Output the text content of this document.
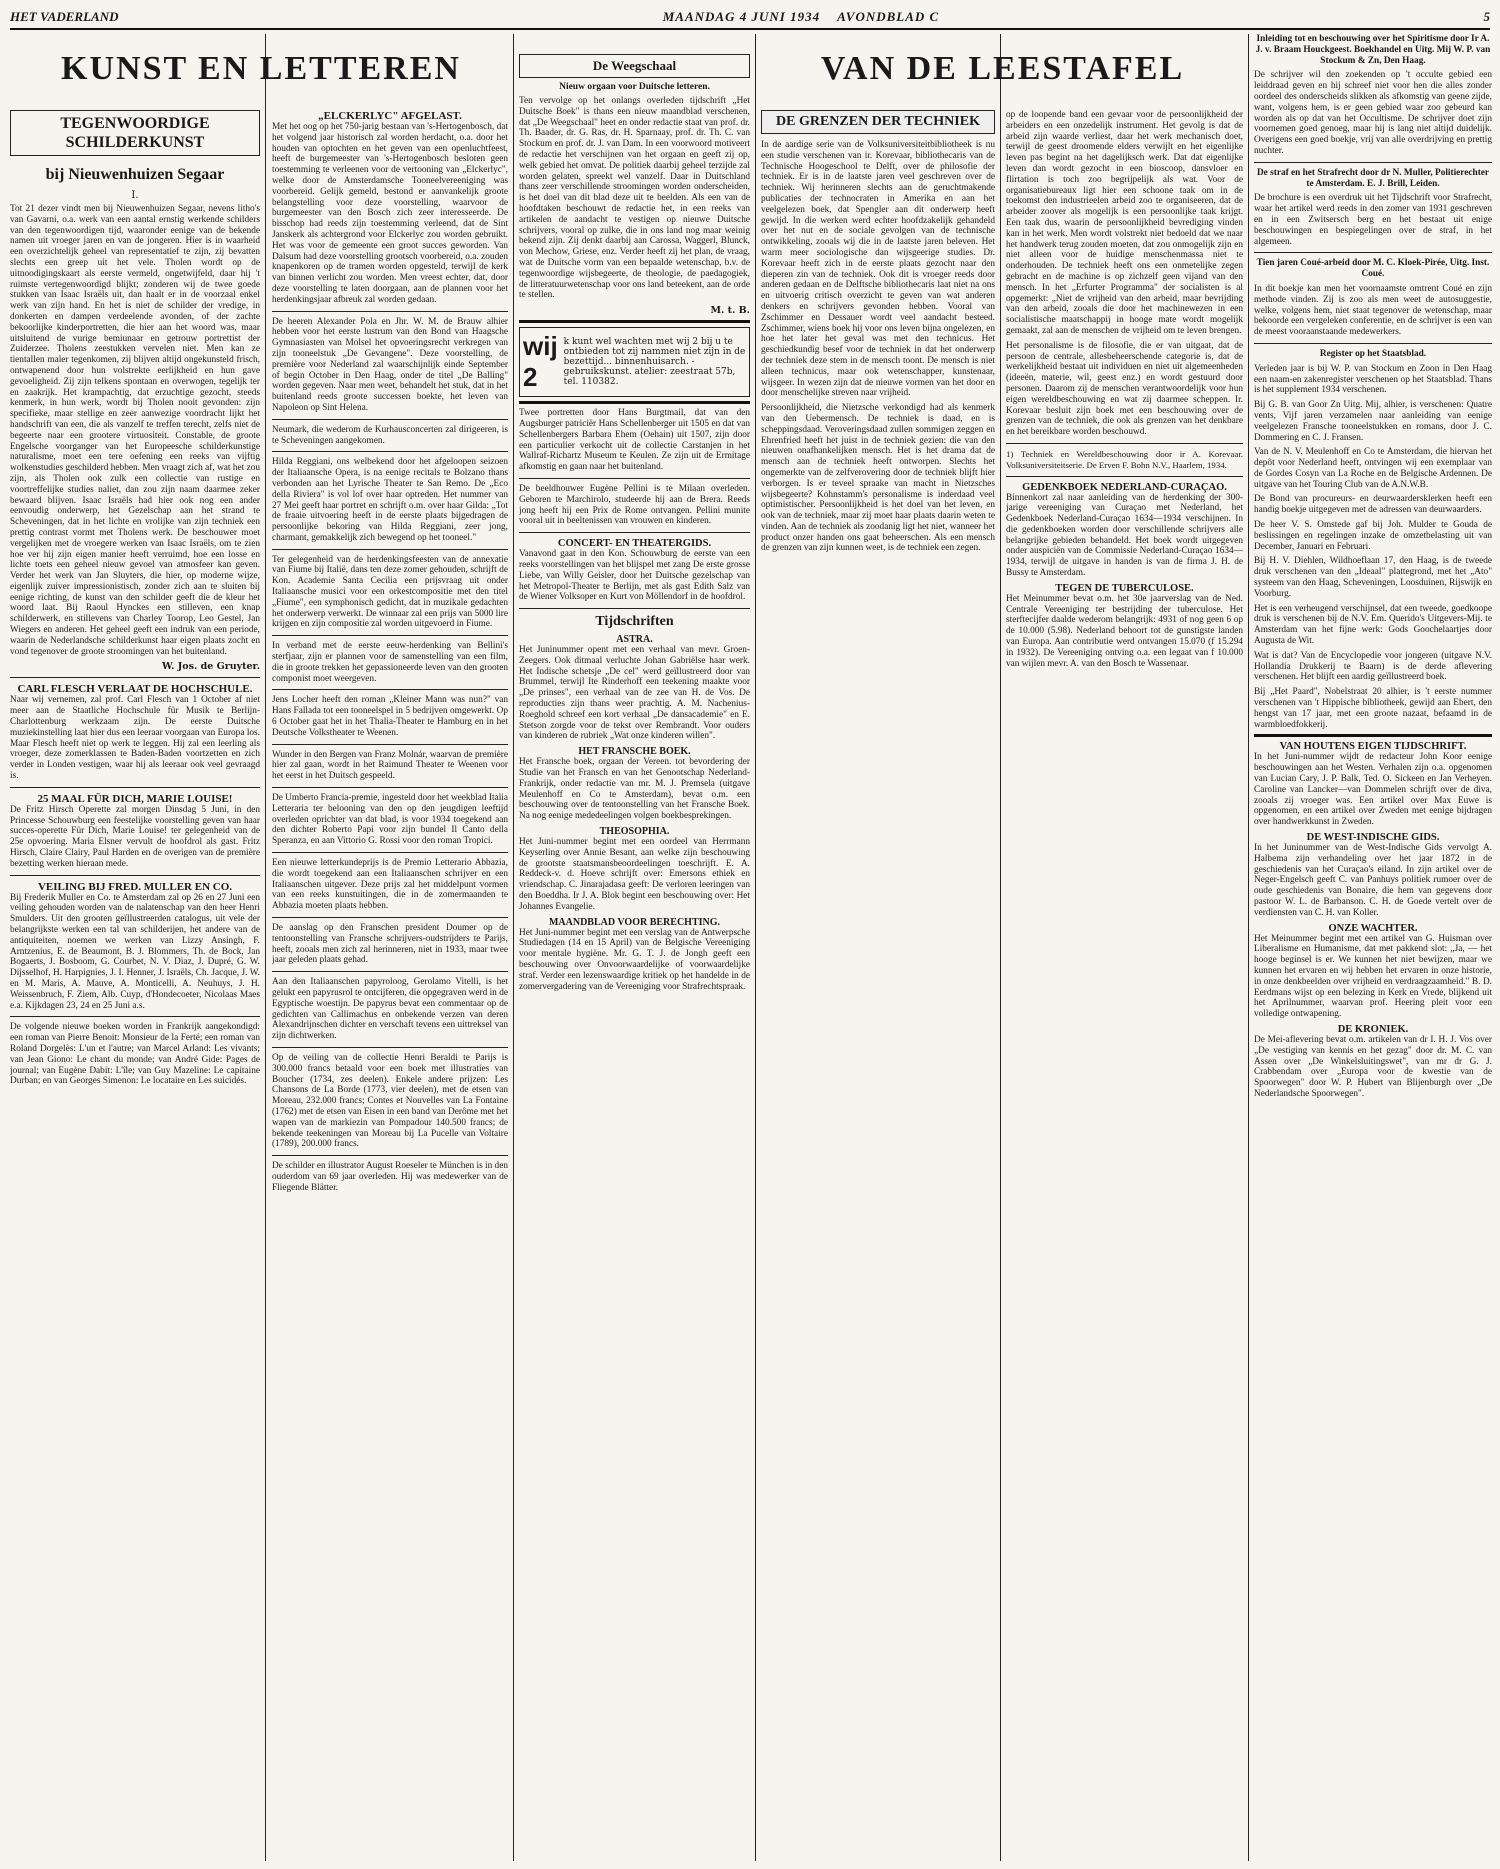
HET VADERLAND	MAANDAG 4 JUNI 1934 AVONDBLAD C	5
KUNST EN LETTEREN
TEGENWOORDIGE SCHILDERKUNST
bij Nieuwenhuizen Segaar
I.

Tot 21 dezer vindt men bij Nieuwenhuizen Segaar, nevens litho's van Gavarni, o.a. werk van een aantal ernstig werkende schilders van den tegenwoordigen tijd, waaronder eenige van de bekende namen uit vroeger jaren en van de jongeren. Hier is in waarheid een overzichtelijk geheel van representatief te zijn, zij bevatten slechts een greep uit het vele. Tholen wordt op de uitnoodigingskaart als eerste vermeld, ongetwijfeld, daar hij 't ruimste vertegenwoordigd blijkt; zonderen wij de twee goede stukken van Isaac Israëls uit, dan haalt er in de voorzaal enkel werk van zijn hand. En het is niet de schilder der vredige, in donkerten en dampen verdeelende avonden, of der zachte bekoorlijke kinderportretten, die hier aan het woord was, maar uitsluitend de vurige bemiunaar en getrouw portrettist der Zuiderzee. Tholens zeestukken vervelen niet. Men kan ze tientallen maler tegenkomen, zij blijven altijd ongekunsteld frisch, ontwapenend door hun volstrekte eerlijkheid en hun gave gevoeligheid. Zij zijn telkens spontaan en overwogen, tegelijk ter en zaakrijk. Het krampachtig, dat erzuchtige gezocht, steeds kenmerk, in hun werk, wordt bij Tholen nooit gevonden: zijn specifieke, maar stellige en zeer aanwezige voordracht lijkt het handschrift van een, die als vanzelf te treffen terecht, zelfs niet de begeerte naar een grootere virtuositeit. Constable, de groote Engelsche voorganger van het Europeesche schilderkunstige naturalisme, moet een tere oefening een reeks van vijftig wolkenstudies geschilderd hebben. Men vraagt zich af, wat het zou zijn, als Tholen ook zulk een collectie van rustige en voortreffelijke studies naliet, dan zou zijn naam daarmee zeker bewaard blijven. Isaac Israëls had hier ook nog een ander eenvoudig onderwerp, het Gezelschap aan het strand te Scheveningen, dat in het lichte en vrolijke van zijn techniek een prettig contrast vormt met Tholens werk. De beschouwer moet vergelijken met de vroegere werken van Isaac Israëls, om te zien hoe ver hij zijn eigen manier heeft verruimd, hoe een losse en lichte toets een geheel nieuw gevoel van atmosfeer kan geven. Verder het werk van Jan Sluyters, die hier, op moderne wijze, eigenlijk zuiver impressionistisch, zonder zich aan te sluiten bij eenige richting, de kunst van den schilder geeft die de kleur het woord laat. Bij Raoul Hynckes een stilleven, een knap schilderwerk, en stillevens van Charley Toorop, Leo Gestel, Jan Wiegers en anderen. Het geheel geeft een indruk van een periode, waarin de Nederlandsche schilderkunst haar eigen plaats zocht en vond tegenover de groote stroomingen van het buitenland.

W. Jos. de Gruyter.
CARL FLESCH VERLAAT DE HOCHSCHULE.

Naar wij vernemen, zal prof. Carl Flesch van 1 October af niet meer aan de Staatliche Hochschule für Musik te Berlijn-Charlottenburg werkzaam zijn. De eerste Duitsche muziekinstelling laat hier dus een leeraar voorgaan van Europa los. Maar Flesch heeft niet op werk te leggen. Hij zal een leerling als vroeger, deze zomerklassen te Baden-Baden voortzetten en zich verder in Londen vestigen, waar hij als leeraar ook veel gevraagd is.

25 MAAL FÜR DICH, MARIE LOUISE!

De Fritz Hirsch Operette zal morgen Dinsdag 5 Juni, in den Princesse Schouwburg een feestelijke voorstelling geven van haar succes-operette Für Dich, Marie Louise! ter gelegenheid van de 25e opvoering. Maria Elsner vervult de hoofdrol als gast. Fritz Hirsch, Claire Clairy, Paul Harden en de overigen van de première bezetting werken hieraan mede.

VEILING BIJ FRED. MULLER EN CO.

Bij Frederik Muller en Co. te Amsterdam zal op 26 en 27 Juni een veiling gehouden worden van de nalatenschap van den heer Henri Smulders. Uit den grooten geïllustreerden catalogus, uit vele der belangrijkste werken een tal van schilderijen, het andere van de antiquiteiten, noemen we werken van Lizzy Ansingh, F. Arntzenius, E. de Beaumont, B. J. Blommers, Th. de Bock, Jan Bogaerts, J. Bosboom, G. Courbet, N. V. Diaz, J. Dupré, G. W. Dijsselhof, H. Harpignies, J. I. Henner, J. Israëls, Ch. Jacque, J. W. en M. Maris, A. Mauve, A. Monticelli, A. Neuhuys, J. H. Weissenbruch, F. Ziem, Alb. Cuyp, d'Hondecoeter, Nicolaas Maes e.a. Kijkdagen 23, 24 en 25 Juni a.s.

De volgende nieuwe boeken worden in Frankrijk aangekondigd: een roman van Pierre Benoit: Monsieur de la Ferté; een roman van Roland Dorgelès: L'un et l'autre; van Marcel Arland: Les vivants; van Jean Giono: Le chant du monde; van André Gide: Pages de journal; van Eugène Dabit: L'île; van Guy Mazeline: Le capitaine Durban; en van Georges Simenon: Le locataire en Les suicidés.

„ELCKERLYC" AFGELAST.

Met het oog op het 750-jarig bestaan van 's-Hertogenbosch, dat het volgend jaar historisch zal worden herdacht, o.a. door het houden van optochten en het geven van een openluchtfeest, heeft de burgemeester van 's-Hertogenbosch besloten geen toestemming te verleenen voor de vertooning van „Elckerlyc", welke door de Amsterdamsche Tooneelvereeniging was voorbereid. Gelijk gemeld, bestond er aanvankelijk groote belangstelling voor deze voorstelling, waarvoor de burgemeester van den Bosch zich zeer interesseerde. De bisschop had reeds zijn toestemming verleend, dat de Sint Janskerk als achtergrond voor Elckerlyc zou worden gebruikt. Het was voor de gemeente een groot succes geworden. Van Dalsum had deze voorstelling grootsch voorbereid, o.a. zouden knapenkoren op de tramen worden opgesteld, terwijl de kerk van binnen verlicht zou worden. Men vreest echter, dat, door deze voorstelling te laten doorgaan, aan de plannen voor het herdenkingsjaar afbreuk zal worden gedaan.

De heeren Alexander Pola en Jhr. W. M. de Brauw alhier hebben voor het eerste lustrum van den Bond van Haagsche Gymnasiasten van Molsel het opvoeringsrecht verkregen van zijn tooneelstuk „De Gevangene". Deze voorstelling, de première voor Nederland zal waarschijnlijk einde September of begin October in Den Haag, onder de titel „De Balling" worden gegeven. Naar men weet, behandelt het stuk, dat in het buitenland reeds groote successen boekte, het leven van Napoleon op Sint Helena.

Neumark, die wederom de Kurhausconcerten zal dirigeeren, is te Scheveningen aangekomen.

Hilda Reggiani, ons welbekend door het afgeloopen seizoen der Italiaansche Opera, is na eenige recitals te Bolzano thans verbonden aan het Lyrische Theater te San Remo. De „Eco della Riviera" is vol lof over haar optreden. Het nummer van 27 Mei geeft haar portret en schrijft o.m. over haar Gilda: „Tot de fraaie uitvoering heeft in de eerste plaats bijgedragen de persoonlijke bekoring van Hilda Reggiani, zeer jong, charmant, gemakkelijk zich bewegend op het tooneel."

Ter gelegenheid van de herdenkingsfeesten van de annexatie van Fiume bij Italië, dans ten deze zomer gehouden, schrijft de Kon. Academie Santa Cecilia een prijsvraag uit onder Italiaansche musici voor een orkestcompositie met den titel „Fiume", een symphonisch gedicht, dat in muzikale gedachten het onderwerp verwerkt. De winnaar zal een prijs van 5000 lire krijgen en zijn compositie zal worden uitgevoerd in Fiume.

In verband met de eerste eeuw-herdenking van Bellini's sterfjaar, zijn er plannen voor de samenstelling van een film, die in groote trekken het gepassioneerde leven van den grooten componist moet weergeven.

Jens Locher heeft den roman „Kleiner Mann was nun?" van Hans Fallada tot een tooneelspel in 5 bedrijven omgewerkt. Op 6 October gaat het in het Thalia-Theater te Hamburg en in het Deutsche Volkstheater te Weenen.

Wunder in den Bergen van Franz Molnár, waarvan de première hier zal gaan, wordt in het Raimund Theater te Weenen voor het eerst in het Duitsch gespeeld.

De Umberto Francia-premie, ingesteld door het weekblad Italia Letteraria ter belooning van den op den jeugdigen leeftijd overleden oprichter van dat blad, is voor 1934 toegekend aan den dichter Roberto Papi voor zijn bundel Il Canto della Speranza, en aan Vittorio G. Rossi voor den roman Tropici.

Een nieuwe letterkundeprijs is de Premio Letterario Abbazia, die wordt toegekend aan een Italiaanschen schrijver en een Italiaanschen uitgever. Deze prijs zal het middelpunt vormen van een reeks kunstuitingen, die in de zomermaanden te Abbazia moeten plaats hebben.

De aanslag op den Franschen president Doumer op de tentoonstelling van Fransche schrijvers-oudstrijders te Parijs, heeft, zooals men zich zal herinneren, niet in 1933, maar twee jaar geleden plaats gehad.

Aan den Italiaanschen papyroloog, Gerolamo Vitelli, is het gelukt een papyrusrol te ontcijferen, die opgegraven werd in de Egyptische woestijn. De papyrus bevat een commentaar op de gedichten van Callimachus en onbekende verzen van deren Alexandrijnschen dichter en verschaft tevens een uittreksel van zijn dichtwerken.

Op de veiling van de collectie Henri Beraldi te Parijs is 300.000 francs betaald voor een boek met illustraties van Boucher (1734, zes deelen). Enkele andere prijzen: Les Chansons de La Borde (1773, vier deelen), met de etsen van Moreau, 232.000 francs; Contes et Nouvelles van La Fontaine (1762) met de etsen van Eisen in een band van Derôme met het wapen van de markiezin van Pompadour 140.500 francs; de bekende teekeningen van Moreau bij La Pucelle van Voltaire (1789), 200.000 francs.

De schilder en illustrator August Roeseler te München is in den ouderdom van 69 jaar overleden. Hij was medewerker van de Fliegende Blätter.

De Weegschaal
Nieuw orgaan voor Duitsche letteren.

Ten vervolge op het onlangs overleden tijdschrift „Het Duitsche Boek" is thans een nieuw maandblad verschenen, dat „De Weegschaal" heet en onder redactie staat van prof. dr. Th. Baader, dr. G. Ras, dr. H. Sparnaay, prof. dr. Th. C. van Stockum en prof. dr. J. van Dam. In een voorwoord motiveert de redactie het verschijnen van het orgaan en geeft zij op, welk gebied het omvat. De politiek daarbij geheel terzijde zal worden gelaten, spreekt wel vanzelf. Daar in Duitschland thans zeer verschillende stroomingen worden onderscheiden, is het doel van dit blad deze uit te beelden. Als een van de hoofdtaken beschouwt de redactie het, in een reeks van artikelen de aandacht te vestigen op nieuwe Duitsche schrijvers, vooral op zulke, die in ons land nog maar weinig bekend zijn. Zij denkt daarbij aan Carossa, Waggerl, Blunck, von Mechow, Griese, enz. Verder heeft zij het plan, de vraag, wat de Duitsche vorm van een bepaalde wetenschap, b.v. de tegenwoordige wijsbegeerte, de theologie, de paedagogiek, de litteratuurwetenschap voor ons land beteekent, aan de orde te stellen.

M. t. B.
wij 2
k kunt wel wachten met wij 2 bij u te ontbieden tot zij nammen niet zijn in de bezettijd... binnenhuisarch. - gebruikskunst. atelier: zeestraat 57b, tel. 110382.

Twee portretten door Hans Burgtmail, dat van den Augsburger patriciër Hans Schellenberger uit 1505 en dat van Schellenbergers Barbara Ehem (Oehain) uit 1507, zijn door een particulier verkocht uit de collectie Carstanjen in het Wallraf-Richartz Museum te Keulen. Ze zijn uit de Ermitage afkomstig en gaan naar het buitenland.

De beeldhouwer Eugène Pellini is te Milaan overleden. Geboren te Marchirolo, studeerde hij aan de Brera. Reeds jong heeft hij een Prix de Rome ontvangen. Pellini munite vooral uit in beeltenissen van vrouwen en kinderen.

CONCERT- EN THEATERGIDS.

Vanavond gaat in den Kon. Schouwburg de eerste van een reeks voorstellingen van het blijspel met zang De erste grosse Liebe, van Willy Geisler, door het Duitsche gezelschap van het Metropol-Theater te Berlijn, met als gast Edith Salz van de Wiener Volksoper en Kurt von Möllendorf in de hoofdrol.

Tijdschriften
ASTRA.

Het Juninummer opent met een verhaal van mevr. Groen-Zeegers. Ook ditmaal verluchte Johan Gabriëlse haar werk. Het Indische schetsje „De cel" werd geïllustreerd door van Brummel, terwijl Ite Rinderhoff een teekening maakte voor „De prinses", een verhaal van de zee van H. de Vos. De reproducties zijn thans weer prachtig. A. M. Nachenius-Roeghold schreef een kort verhaal „De dansacademie" en E. Stetson zorgde voor de tekst over Rembrandt. Voor ouders van kinderen de rubriek „Wat onze kinderen willen".

HET FRANSCHE BOEK.

Het Fransche boek, orgaan der Vereen. tot bevordering der Studie van het Fransch en van het Genootschap Nederland-Frankrijk, onder redactie van mr. M. J. Premsela (uitgave Meulenhoff en Co te Amsterdam), bevat o.m. een beschouwing over de tentoonstelling van het Fransche Boek. Na nog eenige mededeelingen volgen boekbesprekingen.

THEOSOPHIA.

Het Juni-nummer begint met een oordeel van Herrmann Keyserling over Annie Besant, aan welke zijn beschouwing de grootste staatsmansbeoordeelingen toeschrijft. E. A. Reddeck-v. d. Hoeve schrijft over: Emersons ethiek en vriendschap. C. Jinarajadasa geeft: De verloren leeringen van den Boeddha. Ir J. A. Blok begint een beschouwing over: Het Johannes Evangelie.

MAANDBLAD VOOR BERECHTING.

Het Juni-nummer begint met een verslag van de Antwerpsche Studiedagen (14 en 15 April) van de Belgische Vereeniging voor mentale hygiëne. Mr. G. T. J. de Jongh geeft een beschouwing over Onvoorwaardelijke of voorwaardelijke straf. Verder een lezenswaardige kritiek op het handelde in de zomervergadering van de Vereeniging voor Strafrechtspraak.

VAN DE LEESTAFEL
DE GRENZEN DER TECHNIEK

In de aardige serie van de Volksuniversiteitbibliotheek is nu een studie verschenen van ir. Korevaar, bibliothecaris van de Technische Hoogeschool te Delft, over de philosofie der techniek. Er is in de laatste jaren veel geschreven over de techniek. Wij herinneren slechts aan de geruchtmakende publicaties der technocraten in Amerika en aan het veelgelezen boek, dat Spengler aan dit onderwerp heeft gewijd. In die werken werd echter hoofdzakelijk gehandeld over het nut en de sociale gevolgen van de technische ontwikkeling, zooals wij die in de laatste jaren beleven. Het warm meer sociologische dan wijsgeerige studies. Dr. Korevaar heeft zich in de eerste plaats gezocht naar den dieperen zin van de techniek. Ook dit is vroeger reeds door anderen gedaan en de Delftsche bibliothecaris laat niet na ons en uitvoerig critisch overzicht te geven van wat anderen denkers en schrijvers gevonden hebben. Vooral van Zschimmer en Dessauer wordt veel aandacht besteed. Zschimmer, wiens boek hij voor ons leven bijna ongelezen, en hoe het later het geval was met den technicus. Het geschiedkundig besef voor de techniek in dat het onderwerp der techniek deze stem in de mensch toont. De mensch is niet alleen technicus, maar ook wetenschapper, kunstenaar, wijsgeer. In wezen zijn dat de nieuwe vormen van het door en door menschelijke streven naar vrijheid.

Persoonlijkheid, die Nietzsche verkondigd had als kenmerk van den Uebermensch. De techniek is daad, en is scheppingsdaad. Veroveringsdaad zullen sommigen zeggen en Ehrenfried heeft het juist in de techniek gezien: die van den nieuwen onafhankelijken mensch. Het is het drama dat de mensch aan de techniek heeft ontworpen. Slechts het ongemerkte van de zelfverovering door de techniek blijft hier verborgen. Is er teveel spraake van macht in Nietzsches wijsbegeerte? Kohnstamm's personalisme is inderdaad veel optimistischer. Persoonlijkheid is het doel van het leven, en ook van de techniek, maar zij moet haar plaats daarin weten te vinden. Aan de techniek als zoodanig ligt het niet, wanneer het product onzer handen ons gaat beheerschen. Als een mensch de grenzen van zijn kunnen weet, is de techniek een zegen.

op de loopende band een gevaar voor de persoonlijkheid der arbeiders en een onzedelijk instrument. Het gevolg is dat de arbeid zijn waarde verliest, daar het werk mechanisch doet, terwijl de geest droomende elders verwijlt en het eigenlijke leven pas begint na het dagelijksch werk. Dat dat eigenlijke leven dan wordt gezocht in een bioscoop, dansvloer en flirtation is toch zoo begrijpelijk als wat. Voor de organisatiebureaux ligt hier een schoone taak om in de toekomst den industrieelen arbeid zoo te organiseeren, dat de arbeider zoover als mogelijk is een persoonlijke taak krijgt. Een taak dus, waarin de persoonlijkheid bevrediging vinden kan in het werk. Men wordt volstrekt niet bedoeld dat we naar het handwerk terug zouden moeten, dat zou onmogelijk zijn en niet alleen voor de huidige menschenmassa niet te onderhouden. De techniek heeft ons een onmetelijke zegen gebracht en de machine is op zichzelf geen vijand van den mensch. In het „Erfurter Programma" der socialisten is al opgemerkt: „Niet de vrijheid van den arbeid, maar bevrijding van den arbeid, zooals die door het machinewezen in een socialistische maatschappij in hooge mate wordt mogelijk gemaakt, zal aan de menschen de vrijheid om te leven brengen.

Het personalisme is de filosofie, die er van uitgaat, dat de persoon de centrale, allesbeheerschende categorie is, dat de werkelijkheid bestaat uit individuen en niet uit algemeenheden (ideeën, materie, wil, geest enz.) en wordt gestuurd door personen. Daarom zij de menschen verantwoordelijk voor hun eigen wereldbeschouwing en wat zij daarmee scheppen. Ir. Korevaar besluit zijn boek met een beschouwing over de grenzen van de techniek, die ook als grenzen van het denkbare en het bereikbare worden beschouwd.

1) Techniek en Wereldbeschouwing door ir A. Korevaar. Volksuniversiteitserie. De Erven F. Bohn N.V., Haarlem, 1934.

GEDENKBOEK NEDERLAND-CURAÇAO.

Binnenkort zal naar aanleiding van de herdenking der 300-jarige vereeniging van Curaçao met Nederland, het Gedenkboek Nederland-Curaçao 1634—1934 verschijnen. In die gedenkboeken worden door verschillende schrijvers alle belangrijke gebieden behandeld. Het boek wordt uitgegeven onder auspiciën van de Commissie Nederland-Curaçao 1634—1934, terwijl de uitgave in handen is van de firma J. H. de Bussy te Amsterdam.

TEGEN DE TUBERCULOSE.

Het Meinummer bevat o.m. het 30e jaarverslag van de Ned. Centrale Vereeniging ter bestrijding der tuberculose. Het sterftecijfer daalde wederom belangrijk: 4931 of nog geen 6 op de 10.000 (5.98). Nederland behoort tot de gunstigste landen van Europa. Aan contributie werd ontvangen 15.070 (f 15.294 in 1932). De Vereeniging ontving o.a. een legaat van f 10.000 van wijlen mevr. A. van den Bosch te Wassenaar.

Inleiding tot en beschouwing over het Spiritisme door Ir A. J. v. Braam Houckgeest. Boekhandel en Uitg. Mij W. P. van Stockum & Zn, Den Haag.

De schrijver wil den zoekenden op 't occulte gebied een leiddraad geven en hij schreef niet voor hen die alles zonder oordeel des onderscheids slikken als afkomstig van geene zijde, want, volgens hem, is er geen gebied waar zoo gebeurd kan worden als op dat van het Occultisme. De schrijver doet zijn voornemen goed genoeg, maar hij is lang niet altijd duidelijk. Overigens een goed boekje, vrij van alle overdrijving en prettig nuchter.

De straf en het Strafrecht door dr N. Muller, Politierechter te Amsterdam. E. J. Brill, Leiden.

De brochure is een overdruk uit het Tijdschrift voor Strafrecht, waar het artikel werd reeds in den zomer van 1931 geschreven en in een Zwitsersch berg en het bestaat uit enige beschouwingen en bespiegelingen over de straf, in het algemeen.

Tien jaren Coué-arbeid door M. C. Kloek-Pirée, Uitg. Inst. Coué.

In dit boekje kan men het voornaamste omtrent Coué en zijn methode vinden. Zij is zoo als men weet de autosuggestie, welke, volgens hem, niet staat tegenover de wetenschap, maar bekoorde een vergeleken conferentie, en de schrijver is een van de meest vooraanstaande medewerkers.

Register op het Staatsblad.

Verleden jaar is bij W. P. van Stockum en Zoon in Den Haag een naam-en zakenregister verschenen op het Staatsblad. Thans is het supplement 1934 verschenen.

Bij G. B. van Goor Zn Uitg. Mij, alhier, is verschenen: Quatre vents, Vijf jaren verzamelen naar aanleiding van eenige veelgelezen Fransche tooneelstukken en romans, door J. C. Dommering en C. J. Fransen.

Van de N. V. Meulenhoff en Co te Amsterdam, die hiervan het depôt voor Nederland heeft, ontvingen wij een exemplaar van de Gordes Cosyn van La Roche en de Belgische Ardennen. De uitgave van het Touring Club van de A.N.W.B.

De Bond van procureurs- en deurwaardersklerken heeft een handig boekje uitgegeven met de adressen van deurwaarders.

De heer V. S. Omstede gaf bij Joh. Mulder te Gouda de beslissingen en regelingen inzake de omzetbelasting uit van December, Januari en Februari.

Bij H. V. Diehlen, Wildhoeflaan 17, den Haag, is de tweede druk verschenen van den „Ideaal" plattegrond, met het „Ato" systeem van den Haag, Scheveningen, Loosduinen, Rijswijk en Voorburg.

Het is een verheugend verschijnsel, dat een tweede, goedkoope druk is verschenen bij de N.V. Em. Querido's Uitgevers-Mij. te Amsterdam van het fijne werk: Gods Goochelaartjes door Augusta de Wit.

Wat is dat? Van de Encyclopedie voor jongeren (uitgave N.V. Hollandia Drukkerij te Baarn) is de derde aflevering verschenen. Het blijft een aardig geïllustreerd boek.

Bij „Het Paard", Nobelstraat 20 alhier, is 't eerste nummer verschenen van 't Hippische bibliotheek, gewijd aan Ebert, den hengst van 17 jaar, met een groote nazaat, befaamd in de warmbloedfokkerij.

VAN HOUTENS EIGEN TIJDSCHRIFT.

In het Juni-nummer wijdt de redacteur John Koor eenige beschouwingen aan het Westen. Verhalen zijn o.a. opgenomen van Lucian Cary, J. P. Balk, Ted. O. Sickeen en Jan Verheyen. Caroline van Lancker—van Dommelen schrijft over de diva, zooals zij vroeger was. Een artikel over Max Euwe is opgenomen, en een artikel over Zweden met eenige bijdragen over handwerkkunst in Zweden.

DE WEST-INDISCHE GIDS.

In het Juninummer van de West-Indische Gids vervolgt A. Halbema zijn verhandeling over het jaar 1872 in de geschiedenis van het Curaçao's eiland. In zijn artikel over de Neger-Engelsch geeft C. van Panhuys politiek rumoer over de oude geschiedenis van Bonaire, die hem van gegevens door pastoor W. L. de Barbanson. C. H. de Goede vertelt over de verdiensten van C. H. van Koller.

ONZE WACHTER.

Het Meinummer begint met een artikel van G. Huisman over Liberalisme en Humanisme, dat met pakkend slot: „Ja, — het hooge beginsel is er. We kunnen het niet bewijzen, maar we kunnen het ervaren en wij hebben het ervaren in onze historie, in onze denkbeelden over vrijheid en verdraagzaamheid." B. D. Eerdmans wijst op een belezing in Kerk en Vrede, blijkend uit het Aprilnummer, waarvan prof. Heering pleit voor een volledige ontwapening.

DE KRONIEK.

De Mei-aflevering bevat o.m. artikelen van dr I. H. J. Vos over „De vestiging van kennis en het gezag" door dr. M. C. van Assen over „De Winkelsluitingswet", van mr dr G. J. Crabbendam over „Europa voor de kwestie van de Spoorwegen" door W. P. Hubert van Blijenburgh over „De Nederlandsche Spoorwegen".
